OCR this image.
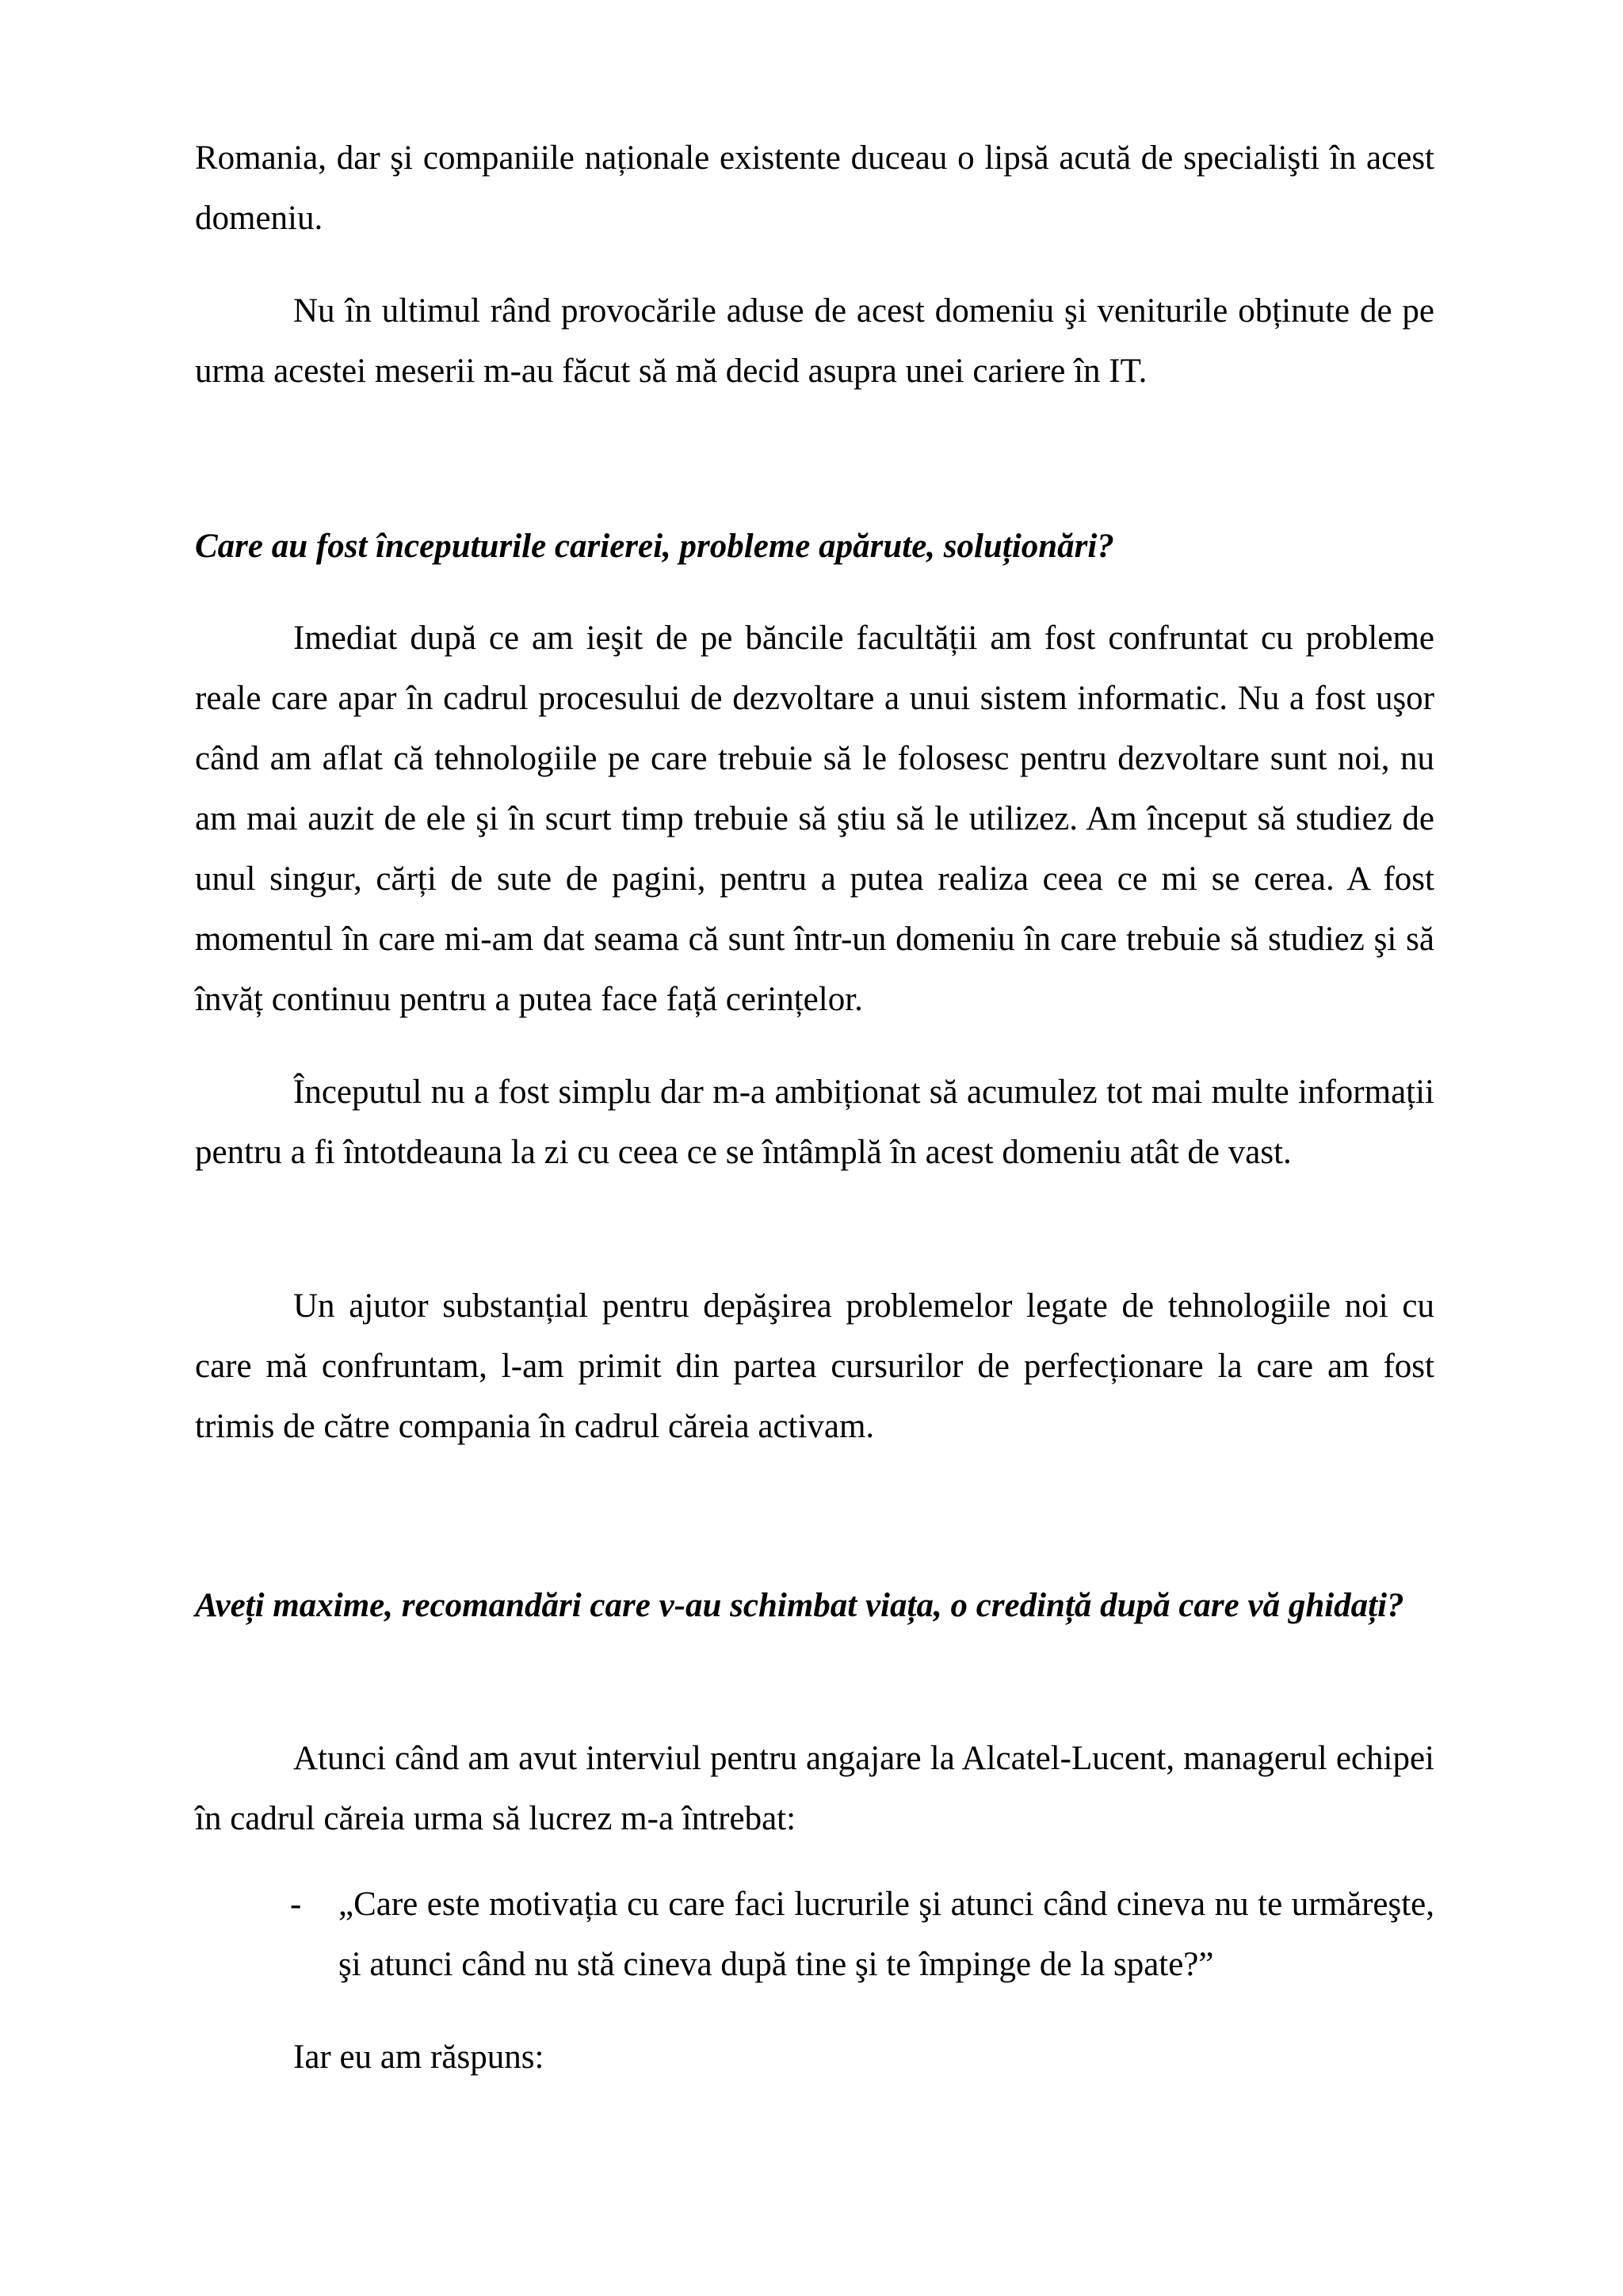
Romania, dar şi companiile naționale existente duceau o lipsă acută de specialişti în acest domeniu.

Nu în ultimul rând provocările aduse de acest domeniu şi veniturile obținute de pe urma acestei meserii m-au făcut să mă decid asupra unei cariere în IT.

Care au fost începuturile carierei, probleme apărute, soluționări?

Imediat după ce am ieşit de pe băncile facultății am fost confruntat cu probleme reale care apar în cadrul procesului de dezvoltare a unui sistem informatic. Nu a fost uşor când am aflat că tehnologiile pe care trebuie să le folosesc pentru dezvoltare sunt noi, nu am mai auzit de ele şi în scurt timp trebuie să ştiu să le utilizez. Am început să studiez de unul singur, cărți de sute de pagini, pentru a putea realiza ceea ce mi se cerea. A fost momentul în care mi-am dat seama că sunt într-un domeniu în care trebuie să studiez şi să învăț continuu pentru a putea face față cerințelor.

Începutul nu a fost simplu dar m-a ambiționat să acumulez tot mai multe informații pentru a fi întotdeauna la zi cu ceea ce se întâmplă în acest domeniu atât de vast.

Un ajutor substanțial pentru depăşirea problemelor legate de tehnologiile noi cu care mă confruntam, l-am primit din partea cursurilor de perfecționare la care am fost trimis de către compania în cadrul căreia activam.

Aveți maxime, recomandări care v-au schimbat viața, o credință după care vă ghidați?

Atunci când am avut interviul pentru angajare la Alcatel-Lucent, managerul echipei în cadrul căreia urma să lucrez m-a întrebat:

- „Care este motivația cu care faci lucrurile şi atunci când cineva nu te urmăreşte, şi atunci când nu stă cineva după tine şi te împinge de la spate?”

Iar eu am răspuns:
